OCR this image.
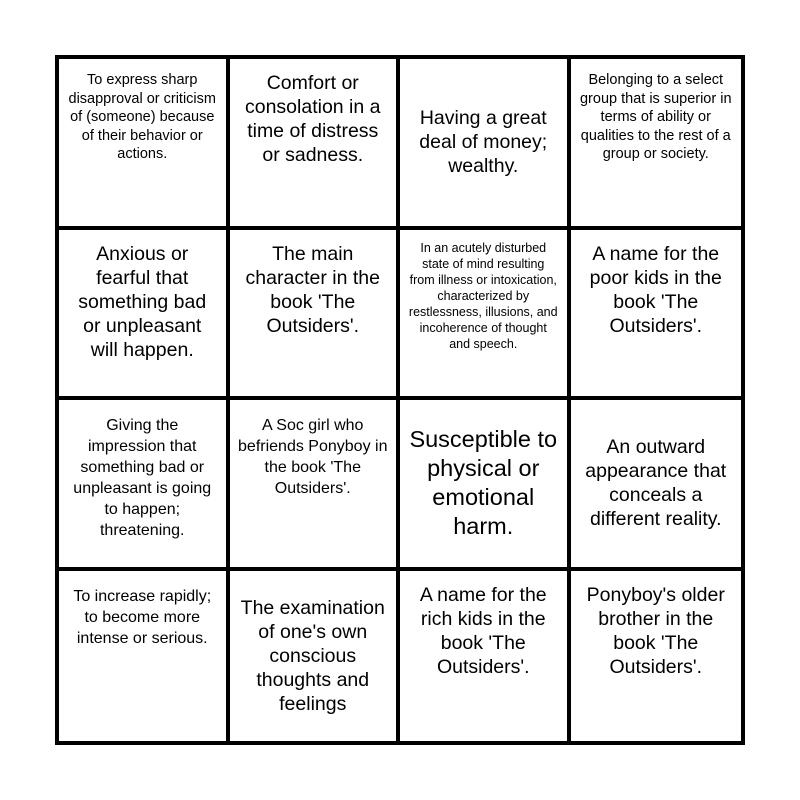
To express sharp disapproval or criticism of (someone) because of their behavior or actions.
Comfort or consolation in a time of distress or sadness.
Having a great deal of money; wealthy.
Belonging to a select group that is superior in terms of ability or qualities to the rest of a group or society.
Anxious or fearful that something bad or unpleasant will happen.
The main character in the book 'The Outsiders'.
In an acutely disturbed state of mind resulting from illness or intoxication, characterized by restlessness, illusions, and incoherence of thought and speech.
A name for the poor kids in the book 'The Outsiders'.
Giving the impression that something bad or unpleasant is going to happen; threatening.
A Soc girl who befriends Ponyboy in the book 'The Outsiders'.
Susceptible to physical or emotional harm.
An outward appearance that conceals a different reality.
To increase rapidly; to become more intense or serious.
The examination of one's own conscious thoughts and feelings
A name for the rich kids in the book 'The Outsiders'.
Ponyboy's older brother in the book 'The Outsiders'.
